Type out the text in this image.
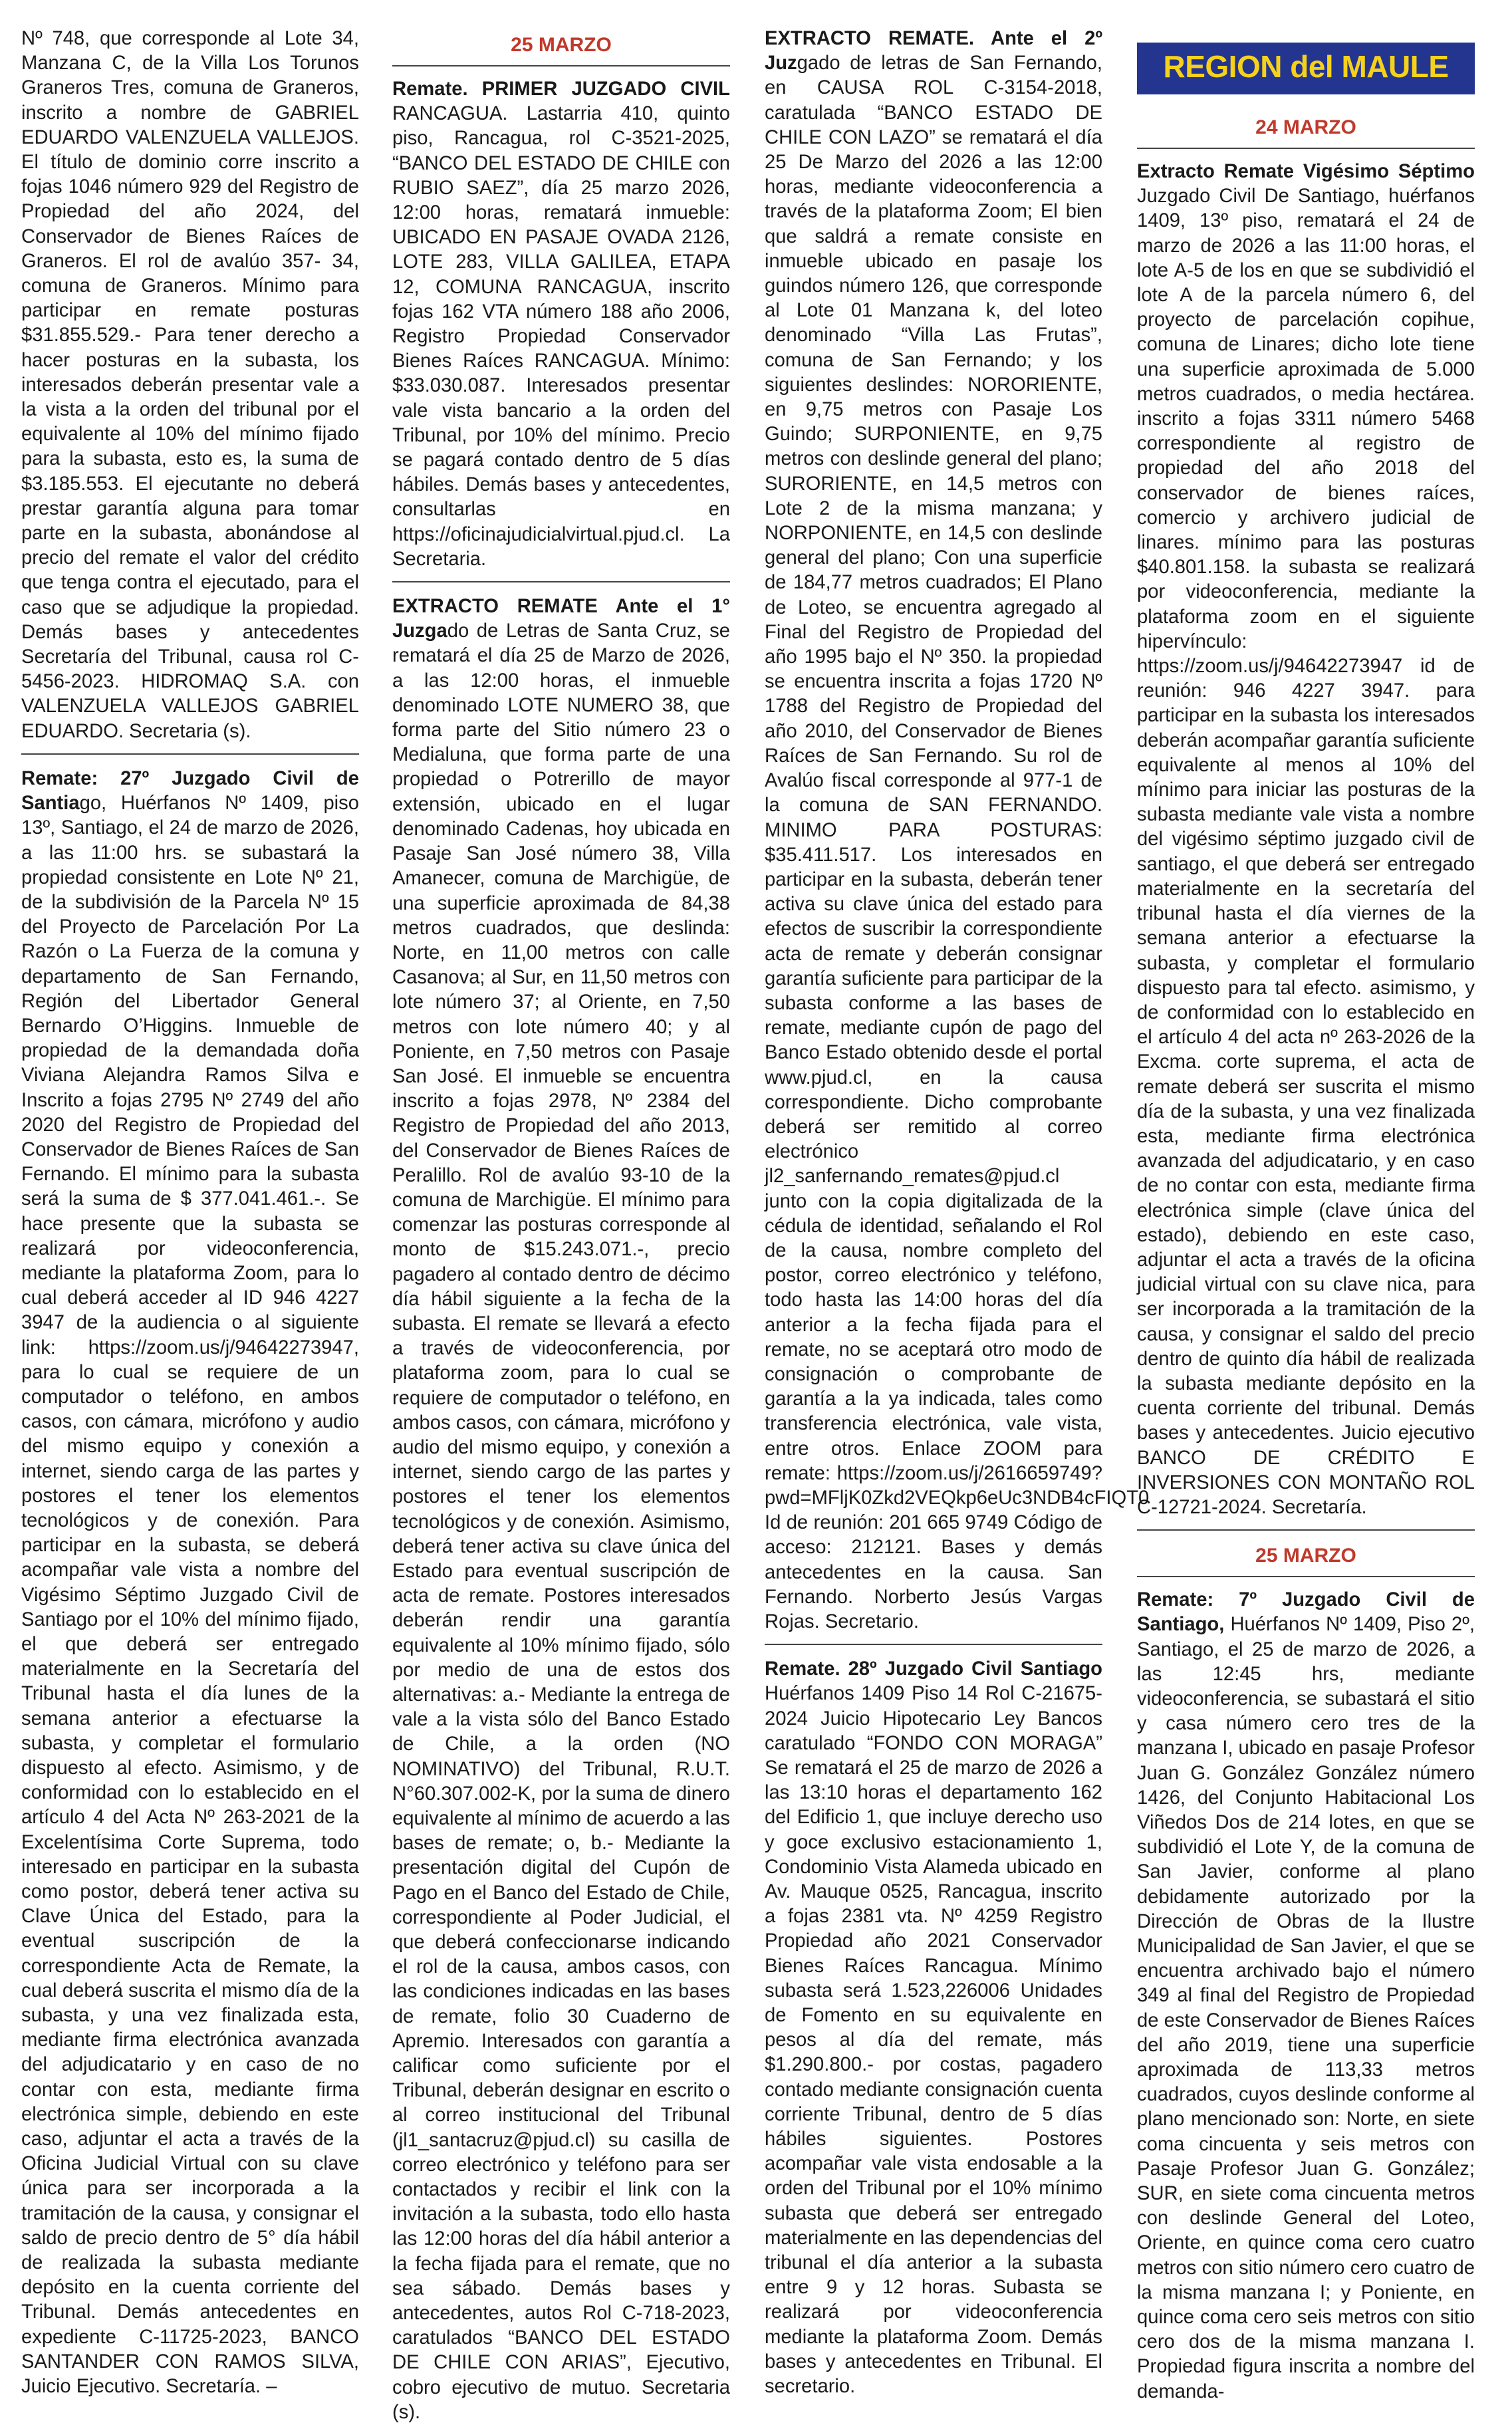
Nº 748, que corresponde al Lote 34, Manzana C, de la Villa Los Torunos Graneros Tres, comuna de Graneros, inscrito a nombre de GABRIEL EDUARDO VALENZUELA VALLEJOS. El título de dominio corre inscrito a fojas 1046 número 929 del Registro de Propiedad del año 2024, del Conservador de Bienes Raíces de Graneros. El rol de avalúo 357- 34, comuna de Graneros. Mínimo para participar en remate posturas $31.855.529.- Para tener derecho a hacer posturas en la subasta, los interesados deberán presentar vale a la vista a la orden del tribunal por el equivalente al 10% del mínimo fijado para la subasta, esto es, la suma de $3.185.553. El ejecutante no deberá prestar garantía alguna para tomar parte en la subasta, abonándose al precio del remate el valor del crédito que tenga contra el ejecutado, para el caso que se adjudique la propiedad. Demás bases y antecedentes Secretaría del Tribunal, causa rol C-5456-2023. HIDROMAQ S.A. con VALENZUELA VALLEJOS GABRIEL EDUARDO. Secretaria (s).

Remate: 27º Juzgado Civil de Santiago, Huérfanos Nº 1409, piso 13º, Santiago, el 24 de marzo de 2026, a las 11:00 hrs. se subastará la propiedad consistente en Lote Nº 21, de la subdivisión de la Parcela Nº 15 del Proyecto de Parcelación Por La Razón o La Fuerza de la comuna y departamento de San Fernando, Región del Libertador General Bernardo O’Higgins. Inmueble de propiedad de la demandada doña Viviana Alejandra Ramos Silva e Inscrito a fojas 2795 Nº 2749 del año 2020 del Registro de Propiedad del Conservador de Bienes Raíces de San Fernando. El mínimo para la subasta será la suma de $ 377.041.461.-. Se hace presente que la subasta se realizará por videoconferencia, mediante la plataforma Zoom, para lo cual deberá acceder al ID 946 4227 3947 de la audiencia o al siguiente link: https://zoom.us/j/94642273947, para lo cual se requiere de un computador o teléfono, en ambos casos, con cámara, micrófono y audio del mismo equipo y conexión a internet, siendo carga de las partes y postores el tener los elementos tecnológicos y de conexión. Para participar en la subasta, se deberá acompañar vale vista a nombre del Vigésimo Séptimo Juzgado Civil de Santiago por el 10% del mínimo fijado, el que deberá ser entregado materialmente en la Secretaría del Tribunal hasta el día lunes de la semana anterior a efectuarse la subasta, y completar el formulario dispuesto al efecto. Asimismo, y de conformidad con lo establecido en el artículo 4 del Acta Nº 263-2021 de la Excelentísima Corte Suprema, todo interesado en participar en la subasta como postor, deberá tener activa su Clave Única del Estado, para la eventual suscripción de la correspondiente Acta de Remate, la cual deberá suscrita el mismo día de la subasta, y una vez finalizada esta, mediante firma electrónica avanzada del adjudicatario y en caso de no contar con esta, mediante firma electrónica simple, debiendo en este caso, adjuntar el acta a través de la Oficina Judicial Virtual con su clave única para ser incorporada a la tramitación de la causa, y consignar el saldo de precio dentro de 5° día hábil de realizada la subasta mediante depósito en la cuenta corriente del Tribunal. Demás antecedentes en expediente C-11725-2023, BANCO SANTANDER CON RAMOS SILVA, Juicio Ejecutivo. Secretaría. –

25 MARZO

Remate. PRIMER JUZGADO CIVIL RANCAGUA. Lastarria 410, quinto piso, Rancagua, rol C-3521-2025, “BANCO DEL ESTADO DE CHILE con RUBIO SAEZ”, día 25 marzo 2026, 12:00 horas, rematará inmueble: UBICADO EN PASAJE OVADA 2126, LOTE 283, VILLA GALILEA, ETAPA 12, COMUNA RANCAGUA, inscrito fojas 162 VTA número 188 año 2006, Registro Propiedad Conservador Bienes Raíces RANCAGUA. Mínimo: $33.030.087. Interesados presentar vale vista bancario a la orden del Tribunal, por 10% del mínimo. Precio se pagará contado dentro de 5 días hábiles. Demás bases y antecedentes, consultarlas en https://oficinajudicialvirtual.pjud.cl. La Secretaria.

EXTRACTO REMATE Ante el 1° Juzgado de Letras de Santa Cruz, se rematará el día 25 de Marzo de 2026, a las 12:00 horas, el inmueble denominado LOTE NUMERO 38, que forma parte del Sitio número 23 o Medialuna, que forma parte de una propiedad o Potrerillo de mayor extensión, ubicado en el lugar denominado Cadenas, hoy ubicada en Pasaje San José número 38, Villa Amanecer, comuna de Marchigüe, de una superficie aproximada de 84,38 metros cuadrados, que deslinda: Norte, en 11,00 metros con calle Casanova; al Sur, en 11,50 metros con lote número 37; al Oriente, en 7,50 metros con lote número 40; y al Poniente, en 7,50 metros con Pasaje San José. El inmueble se encuentra inscrito a fojas 2978, Nº 2384 del Registro de Propiedad del año 2013, del Conservador de Bienes Raíces de Peralillo. Rol de avalúo 93-10 de la comuna de Marchigüe. El mínimo para comenzar las posturas corresponde al monto de $15.243.071.-, precio pagadero al contado dentro de décimo día hábil siguiente a la fecha de la subasta. El remate se llevará a efecto a través de videoconferencia, por plataforma zoom, para lo cual se requiere de computador o teléfono, en ambos casos, con cámara, micrófono y audio del mismo equipo, y conexión a internet, siendo cargo de las partes y postores el tener los elementos tecnológicos y de conexión. Asimismo, deberá tener activa su clave única del Estado para eventual suscripción de acta de remate. Postores interesados deberán rendir una garantía equivalente al 10% mínimo fijado, sólo por medio de una de estos dos alternativas: a.- Mediante la entrega de vale a la vista sólo del Banco Estado de Chile, a la orden (NO NOMINATIVO) del Tribunal, R.U.T. N°60.307.002-K, por la suma de dinero equivalente al mínimo de acuerdo a las bases de remate; o, b.- Mediante la presentación digital del Cupón de Pago en el Banco del Estado de Chile, correspondiente al Poder Judicial, el que deberá confeccionarse indicando el rol de la causa, ambos casos, con las condiciones indicadas en las bases de remate, folio 30 Cuaderno de Apremio. Interesados con garantía a calificar como suficiente por el Tribunal, deberán designar en escrito o al correo institucional del Tribunal (jl1_santacruz@pjud.cl) su casilla de correo electrónico y teléfono para ser contactados y recibir el link con la invitación a la subasta, todo ello hasta las 12:00 horas del día hábil anterior a la fecha fijada para el remate, que no sea sábado. Demás bases y antecedentes, autos Rol C-718-2023, caratulados “BANCO DEL ESTADO DE CHILE CON ARIAS”, Ejecutivo, cobro ejecutivo de mutuo. Secretaria (s).

EXTRACTO REMATE. Ante el 2º Juzgado de letras de San Fernando, en CAUSA ROL C-3154-2018, caratulada “BANCO ESTADO DE CHILE CON LAZO” se rematará el día 25 De Marzo del 2026 a las 12:00 horas, mediante videoconferencia a través de la plataforma Zoom; El bien que saldrá a remate consiste en inmueble ubicado en pasaje los guindos número 126, que corresponde al Lote 01 Manzana k, del loteo denominado “Villa Las Frutas”, comuna de San Fernando; y los siguientes deslindes: NORORIENTE, en 9,75 metros con Pasaje Los Guindo; SURPONIENTE, en 9,75 metros con deslinde general del plano; SURORIENTE, en 14,5 metros con Lote 2 de la misma manzana; y NORPONIENTE, en 14,5 con deslinde general del plano; Con una superficie de 184,77 metros cuadrados; El Plano de Loteo, se encuentra agregado al Final del Registro de Propiedad del año 1995 bajo el Nº 350. la propiedad se encuentra inscrita a fojas 1720 Nº 1788 del Registro de Propiedad del año 2010, del Conservador de Bienes Raíces de San Fernando. Su rol de Avalúo fiscal corresponde al 977-1 de la comuna de SAN FERNANDO. MINIMO PARA POSTURAS: $35.411.517. Los interesados en participar en la subasta, deberán tener activa su clave única del estado para efectos de suscribir la correspondiente acta de remate y deberán consignar garantía suficiente para participar de la subasta conforme a las bases de remate, mediante cupón de pago del Banco Estado obtenido desde el portal www.pjud.cl, en la causa correspondiente. Dicho comprobante deberá ser remitido al correo electrónico jl2_sanfernando_remates@pjud.cl junto con la copia digitalizada de la cédula de identidad, señalando el Rol de la causa, nombre completo del postor, correo electrónico y teléfono, todo hasta las 14:00 horas del día anterior a la fecha fijada para el remate, no se aceptará otro modo de consignación o comprobante de garantía a la ya indicada, tales como transferencia electrónica, vale vista, entre otros. Enlace ZOOM para remate: https://zoom.us/j/2616659749?pwd=MFljK0Zkd2VEQkp6eUc3NDB4cFIQT0 Id de reunión: 201 665 9749 Código de acceso: 212121. Bases y demás antecedentes en la causa. San Fernando. Norberto Jesús Vargas Rojas. Secretario.

Remate. 28º Juzgado Civil Santiago Huérfanos 1409 Piso 14 Rol C-21675-2024 Juicio Hipotecario Ley Bancos caratulado “FONDO CON MORAGA” Se rematará el 25 de marzo de 2026 a las 13:10 horas el departamento 162 del Edificio 1, que incluye derecho uso y goce exclusivo estacionamiento 1, Condominio Vista Alameda ubicado en Av. Mauque 0525, Rancagua, inscrito a fojas 2381 vta. Nº 4259 Registro Propiedad año 2021 Conservador Bienes Raíces Rancagua. Mínimo subasta será 1.523,226006 Unidades de Fomento en su equivalente en pesos al día del remate, más $1.290.800.- por costas, pagadero contado mediante consignación cuenta corriente Tribunal, dentro de 5 días hábiles siguientes. Postores acompañar vale vista endosable a la orden del Tribunal por el 10% mínimo subasta que deberá ser entregado materialmente en las dependencias del tribunal el día anterior a la subasta entre 9 y 12 horas. Subasta se realizará por videoconferencia mediante la plataforma Zoom. Demás bases y antecedentes en Tribunal. El secretario.

REGION del MAULE
24 MARZO

Extracto Remate Vigésimo Séptimo Juzgado Civil De Santiago, huérfanos 1409, 13º piso, rematará el 24 de marzo de 2026 a las 11:00 horas, el lote A-5 de los en que se subdividió el lote A de la parcela número 6, del proyecto de parcelación copihue, comuna de Linares; dicho lote tiene una superficie aproximada de 5.000 metros cuadrados, o media hectárea. inscrito a fojas 3311 número 5468 correspondiente al registro de propiedad del año 2018 del conservador de bienes raíces, comercio y archivero judicial de linares. mínimo para las posturas $40.801.158. la subasta se realizará por videoconferencia, mediante la plataforma zoom en el siguiente hipervínculo: https://zoom.us/j/94642273947 id de reunión: 946 4227 3947. para participar en la subasta los interesados deberán acompañar garantía suficiente equivalente al menos al 10% del mínimo para iniciar las posturas de la subasta mediante vale vista a nombre del vigésimo séptimo juzgado civil de santiago, el que deberá ser entregado materialmente en la secretaría del tribunal hasta el día viernes de la semana anterior a efectuarse la subasta, y completar el formulario dispuesto para tal efecto. asimismo, y de conformidad con lo establecido en el artículo 4 del acta nº 263-2026 de la Excma. corte suprema, el acta de remate deberá ser suscrita el mismo día de la subasta, y una vez finalizada esta, mediante firma electrónica avanzada del adjudicatario, y en caso de no contar con esta, mediante firma electrónica simple (clave única del estado), debiendo en este caso, adjuntar el acta a través de la oficina judicial virtual con su clave nica, para ser incorporada a la tramitación de la causa, y consignar el saldo del precio dentro de quinto día hábil de realizada la subasta mediante depósito en la cuenta corriente del tribunal. Demás bases y antecedentes. Juicio ejecutivo BANCO DE CRÉDITO E INVERSIONES CON MONTAÑO ROL C-12721-2024. Secretaría.

25 MARZO

Remate: 7º Juzgado Civil de Santiago, Huérfanos Nº 1409, Piso 2º, Santiago, el 25 de marzo de 2026, a las 12:45 hrs, mediante videoconferencia, se subastará el sitio y casa número cero tres de la manzana I, ubicado en pasaje Profesor Juan G. González González número 1426, del Conjunto Habitacional Los Viñedos Dos de 214 lotes, en que se subdividió el Lote Y, de la comuna de San Javier, conforme al plano debidamente autorizado por la Dirección de Obras de la Ilustre Municipalidad de San Javier, el que se encuentra archivado bajo el número 349 al final del Registro de Propiedad de este Conservador de Bienes Raíces del año 2019, tiene una superficie aproximada de 113,33 metros cuadrados, cuyos deslinde conforme al plano mencionado son: Norte, en siete coma cincuenta y seis metros con Pasaje Profesor Juan G. González; SUR, en siete coma cincuenta metros con deslinde General del Loteo, Oriente, en quince coma cero cuatro metros con sitio número cero cuatro de la misma manzana I; y Poniente, en quince coma cero seis metros con sitio cero dos de la misma manzana I. Propiedad figura inscrita a nombre del demanda-
